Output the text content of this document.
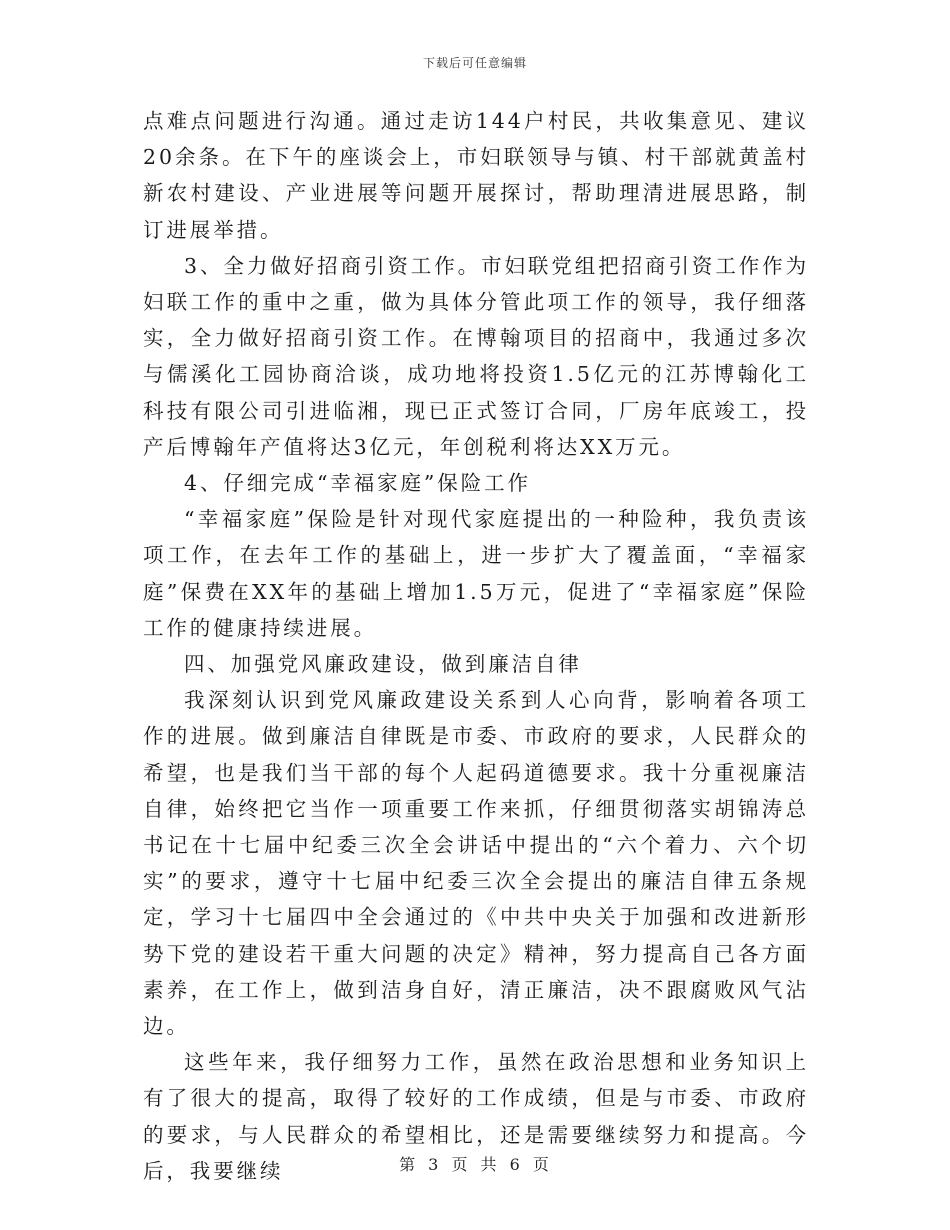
下载后可任意编辑

点难点问题进行沟通。通过走访144户村民，共收集意见、建议20余条。在下午的座谈会上，市妇联领导与镇、村干部就黄盖村新农村建设、产业进展等问题开展探讨，帮助理清进展思路，制订进展举措。

3、全力做好招商引资工作。市妇联党组把招商引资工作作为妇联工作的重中之重，做为具体分管此项工作的领导，我仔细落实，全力做好招商引资工作。在博翰项目的招商中，我通过多次与儒溪化工园协商洽谈，成功地将投资1.5亿元的江苏博翰化工科技有限公司引进临湘，现已正式签订合同，厂房年底竣工，投产后博翰年产值将达3亿元，年创税利将达XX万元。

4、仔细完成“幸福家庭”保险工作

“幸福家庭”保险是针对现代家庭提出的一种险种，我负责该项工作，在去年工作的基础上，进一步扩大了覆盖面，“幸福家庭”保费在XX年的基础上增加1.5万元，促进了“幸福家庭”保险工作的健康持续进展。

四、加强党风廉政建设，做到廉洁自律

我深刻认识到党风廉政建设关系到人心向背，影响着各项工作的进展。做到廉洁自律既是市委、市政府的要求，人民群众的希望，也是我们当干部的每个人起码道德要求。我十分重视廉洁自律，始终把它当作一项重要工作来抓，仔细贯彻落实胡锦涛总书记在十七届中纪委三次全会讲话中提出的“六个着力、六个切实”的要求，遵守十七届中纪委三次全会提出的廉洁自律五条规定，学习十七届四中全会通过的《中共中央关于加强和改进新形势下党的建设若干重大问题的决定》精神，努力提高自己各方面素养，在工作上，做到洁身自好，清正廉洁，决不跟腐败风气沾边。

这些年来，我仔细努力工作，虽然在政治思想和业务知识上有了很大的提高，取得了较好的工作成绩，但是与市委、市政府的要求，与人民群众的希望相比，还是需要继续努力和提高。今后，我要继续	第 3 页 共 6 页
